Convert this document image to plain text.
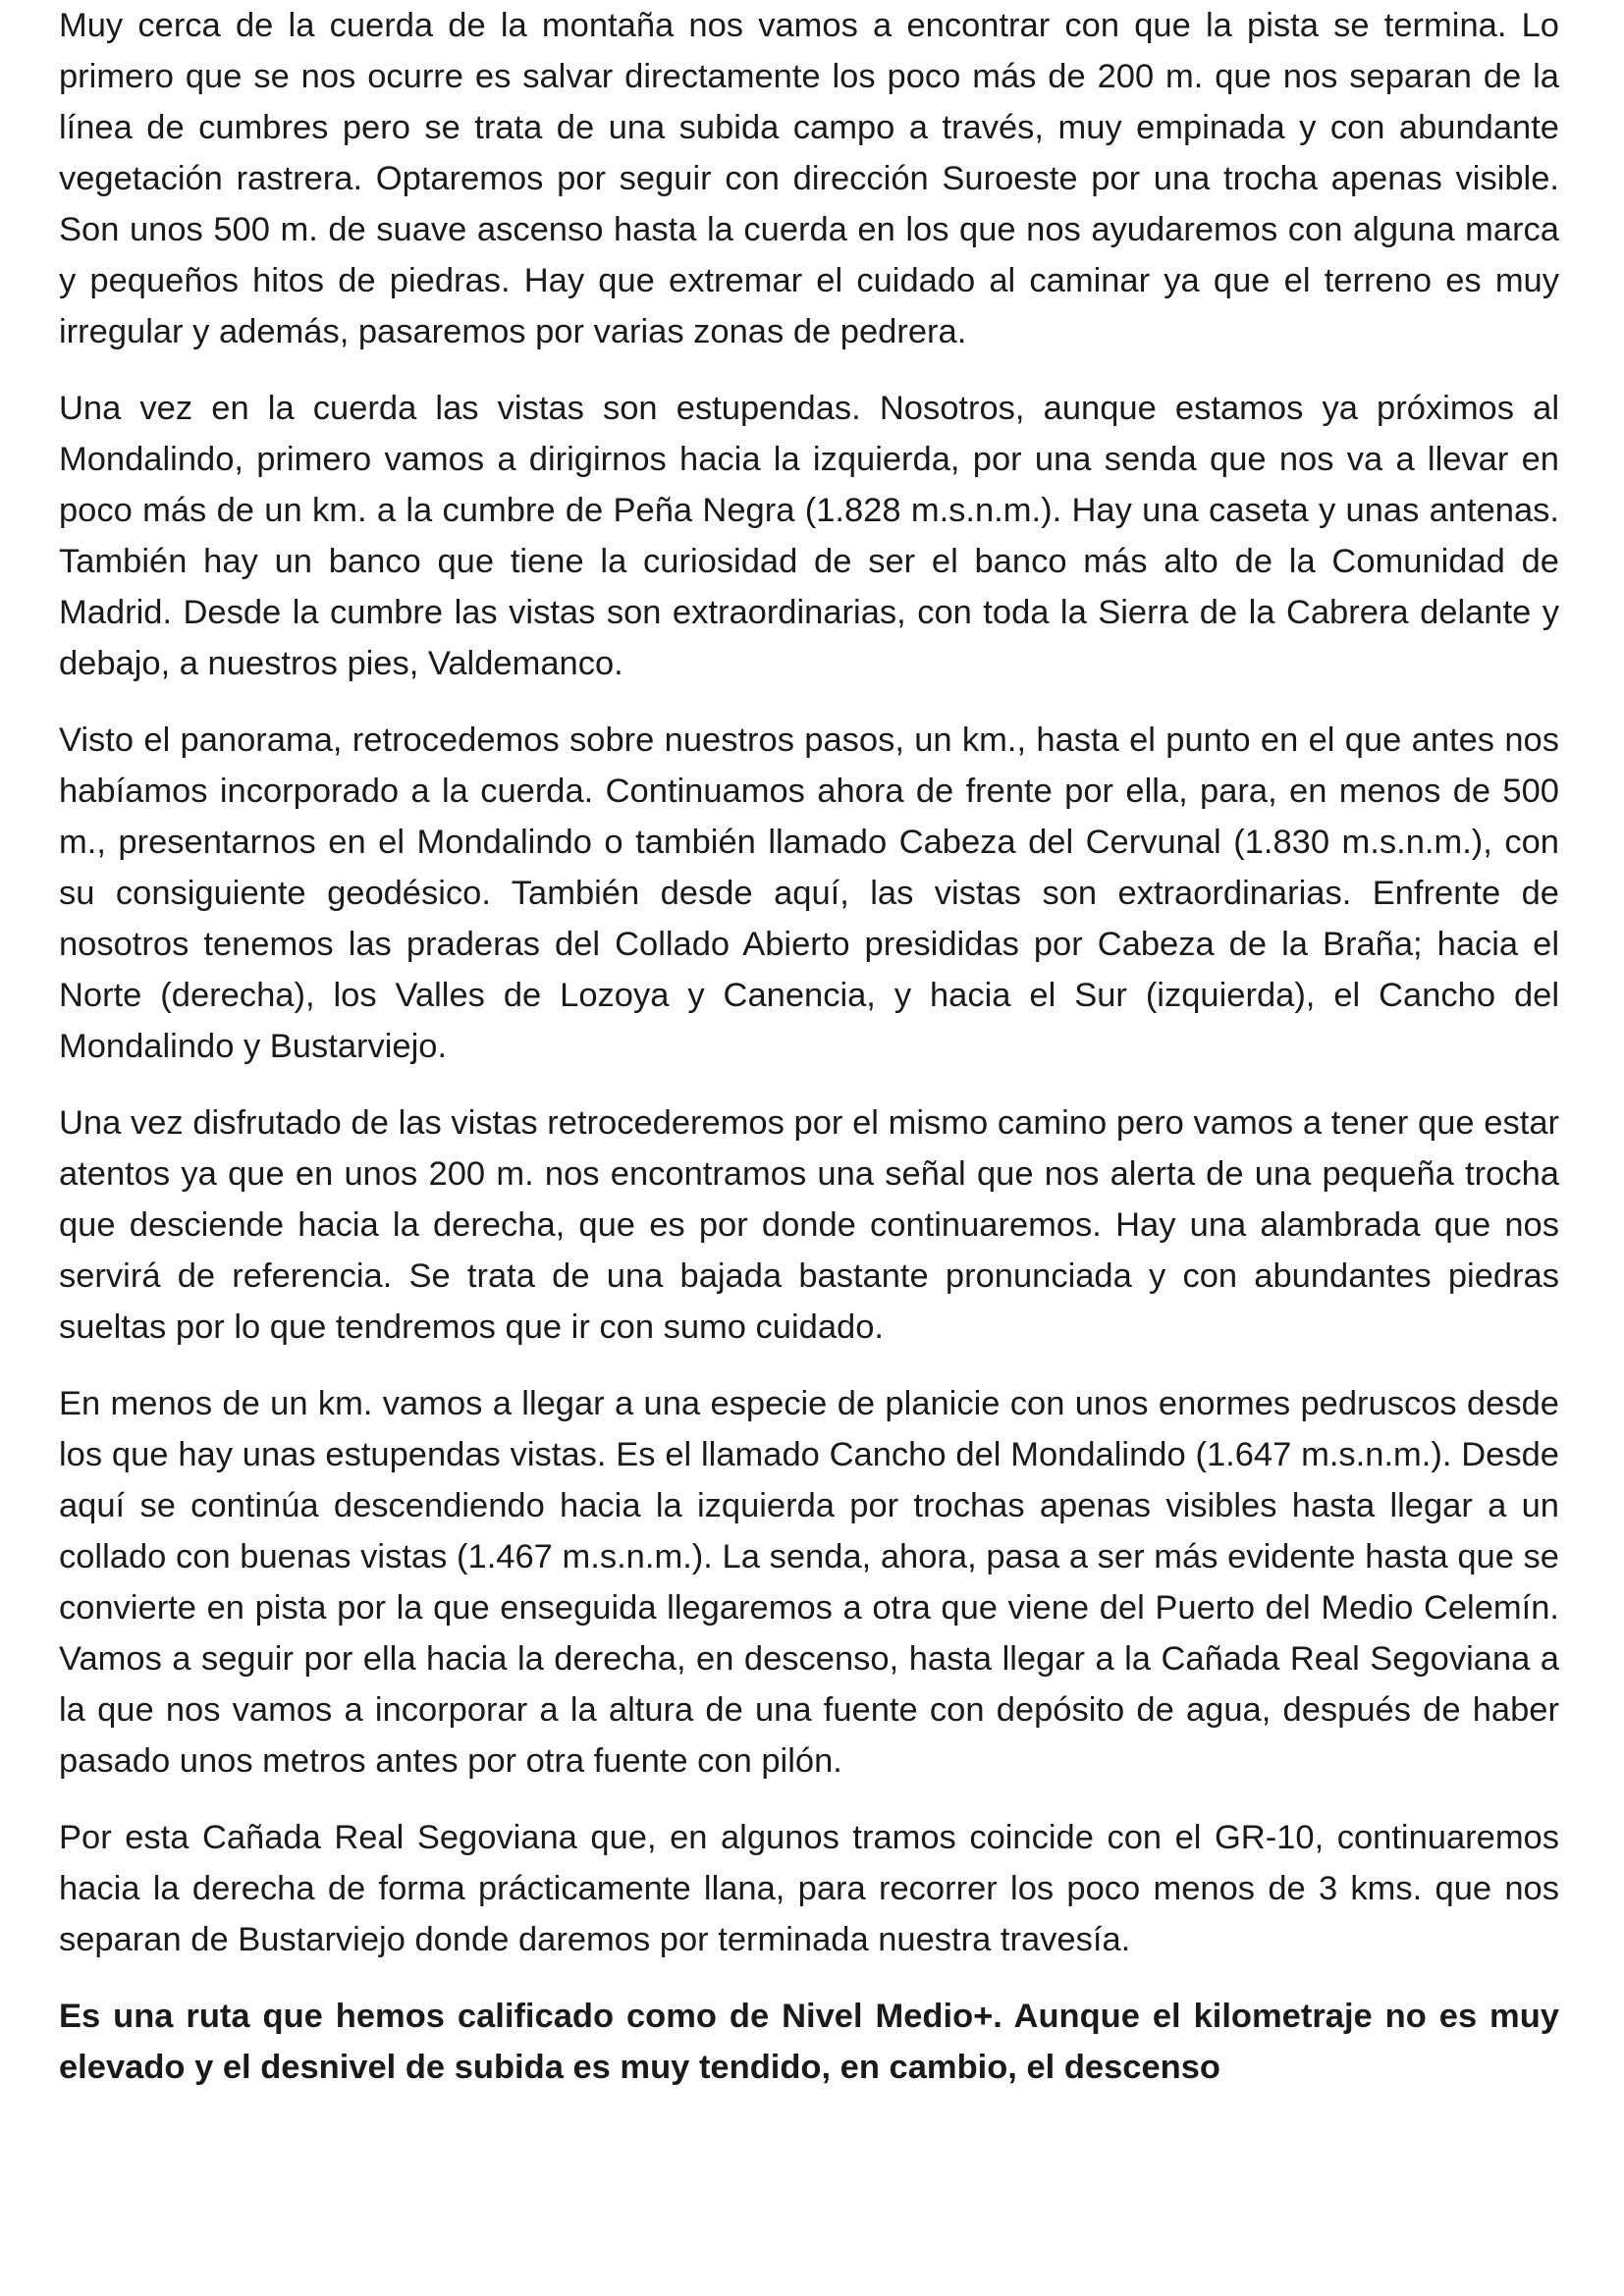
Muy cerca de la cuerda de la montaña nos vamos a encontrar con que la pista se termina. Lo primero que se nos ocurre es salvar directamente los poco más de 200 m. que nos separan de la línea de cumbres pero se trata de una subida campo a través, muy empinada y con abundante vegetación rastrera. Optaremos por seguir con dirección Suroeste por una trocha apenas visible. Son unos 500 m. de suave ascenso hasta la cuerda en los que nos ayudaremos con alguna marca y pequeños hitos de piedras. Hay que extremar el cuidado al caminar ya que el terreno es muy irregular y además, pasaremos por varias zonas de pedrera.

Una vez en la cuerda las vistas son estupendas. Nosotros, aunque estamos ya próximos al Mondalindo, primero vamos a dirigirnos hacia la izquierda, por una senda que nos va a llevar en poco más de un km. a la cumbre de Peña Negra (1.828 m.s.n.m.). Hay una caseta y unas antenas. También hay un banco que tiene la curiosidad de ser el banco más alto de la Comunidad de Madrid. Desde la cumbre las vistas son extraordinarias, con toda la Sierra de la Cabrera delante y debajo, a nuestros pies, Valdemanco.

Visto el panorama, retrocedemos sobre nuestros pasos, un km., hasta el punto en el que antes nos habíamos incorporado a la cuerda. Continuamos ahora de frente por ella, para, en menos de 500 m., presentarnos en el Mondalindo o también llamado Cabeza del Cervunal (1.830 m.s.n.m.), con su consiguiente geodésico. También desde aquí, las vistas son extraordinarias. Enfrente de nosotros tenemos las praderas del Collado Abierto presididas por Cabeza de la Braña; hacia el Norte (derecha), los Valles de Lozoya y Canencia, y hacia el Sur (izquierda), el Cancho del Mondalindo y Bustarviejo.

Una vez disfrutado de las vistas retrocederemos por el mismo camino pero vamos a tener que estar atentos ya que en unos 200 m. nos encontramos una señal que nos alerta de una pequeña trocha que desciende hacia la derecha, que es por donde continuaremos. Hay una alambrada que nos servirá de referencia. Se trata de una bajada bastante pronunciada y con abundantes piedras sueltas por lo que tendremos que ir con sumo cuidado.

En menos de un km. vamos a llegar a una especie de planicie con unos enormes pedruscos desde los que hay unas estupendas vistas. Es el llamado Cancho del Mondalindo (1.647 m.s.n.m.). Desde aquí se continúa descendiendo hacia la izquierda por trochas apenas visibles hasta llegar a un collado con buenas vistas (1.467 m.s.n.m.). La senda, ahora, pasa a ser más evidente hasta que se convierte en pista por la que enseguida llegaremos a otra que viene del Puerto del Medio Celemín. Vamos a seguir por ella hacia la derecha, en descenso, hasta llegar a la Cañada Real Segoviana a la que nos vamos a incorporar a la altura de una fuente con depósito de agua, después de haber pasado unos metros antes por otra fuente con pilón.

Por esta Cañada Real Segoviana que, en algunos tramos coincide con el GR-10, continuaremos hacia la derecha de forma prácticamente llana, para recorrer los poco menos de 3 kms. que nos separan de Bustarviejo donde daremos por terminada nuestra travesía.

Es una ruta que hemos calificado como de Nivel Medio+. Aunque el kilometraje no es muy elevado y el desnivel de subida es muy tendido, en cambio, el descenso
